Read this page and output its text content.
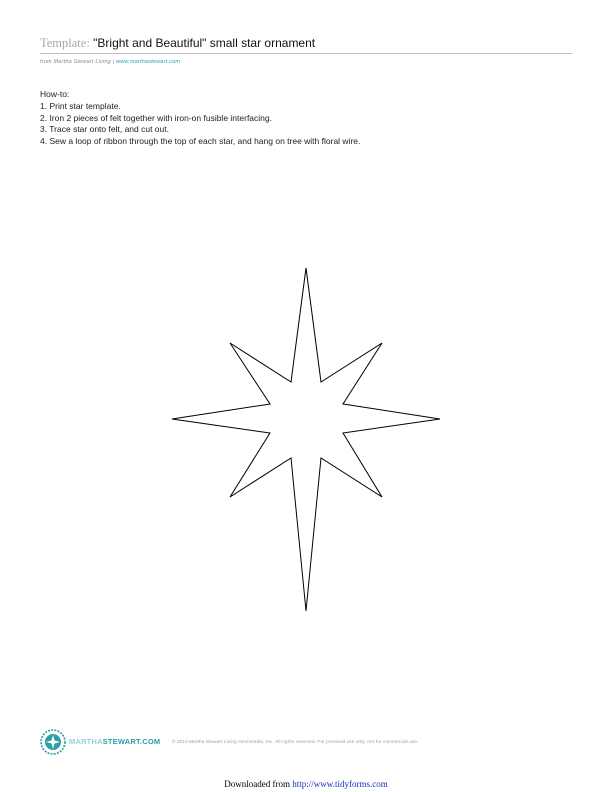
Template: "Bright and Beautiful" small star ornament
from Martha Stewart Living | www.marthastewart.com
How-to:
1. Print star template.
2. Iron 2 pieces of felt together with iron-on fusible interfacing.
3. Trace star onto felt, and cut out.
4. Sew a loop of ribbon through the top of each star, and hang on tree with floral wire.
MARTHASTEWART.COM	© 2010 Martha Stewart Living Omnimedia, Inc. All rights reserved. For personal use only, not for commercial use.
Downloaded from http://www.tidyforms.com
